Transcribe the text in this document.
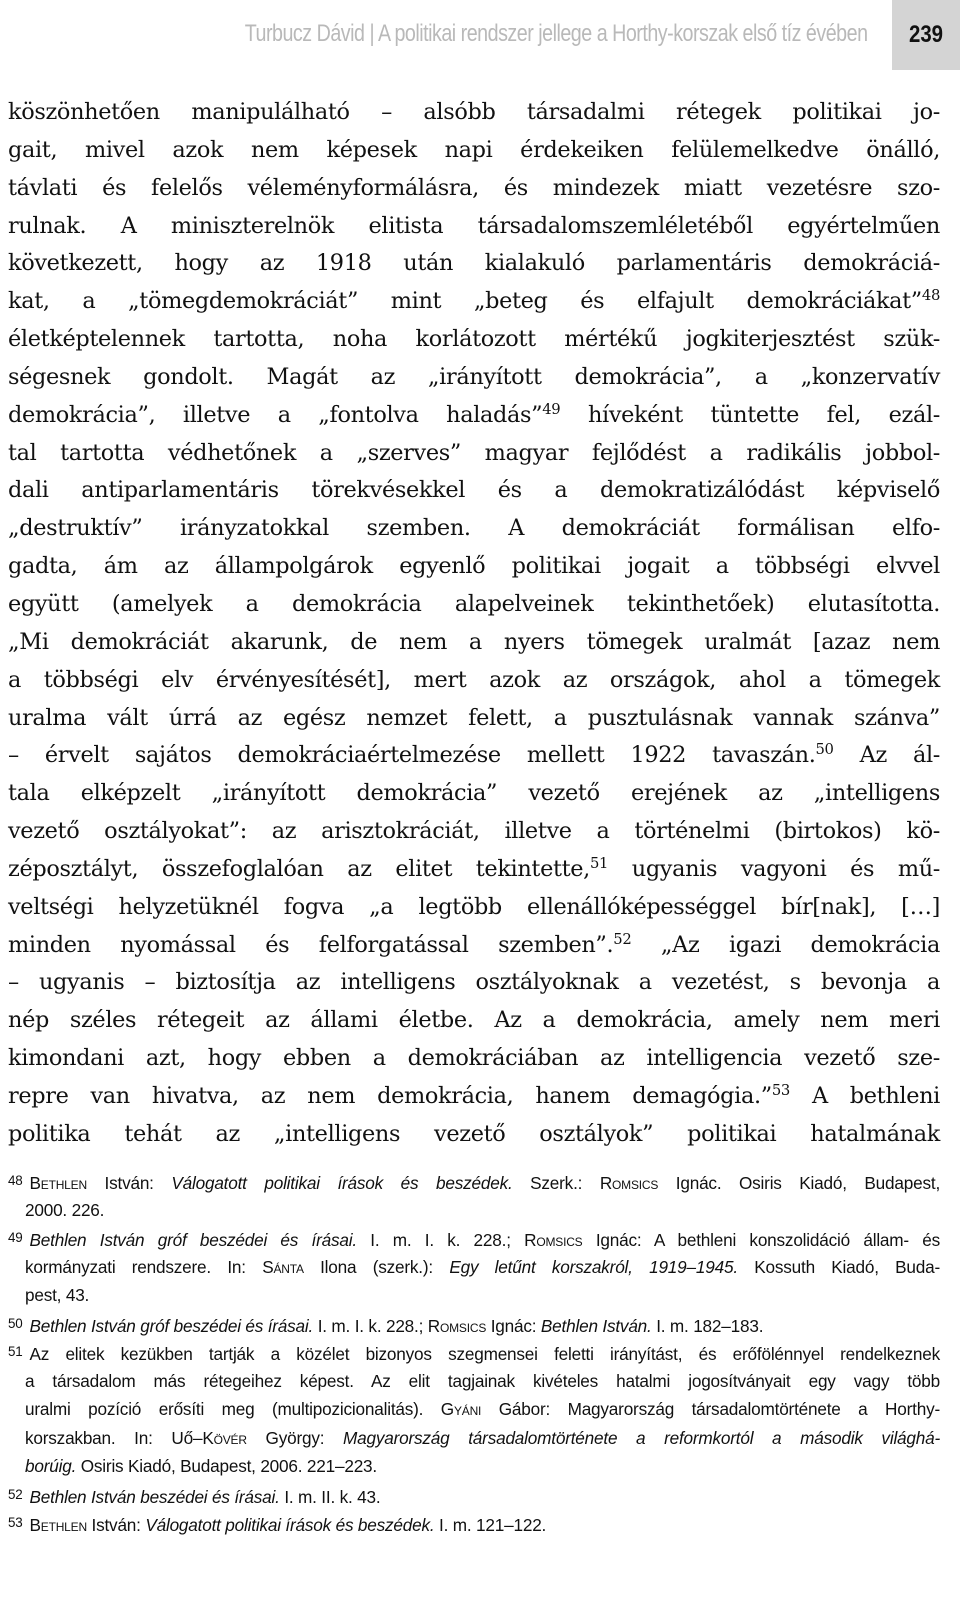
Turbucz Dávid | A politikai rendszer jellege a Horthy-korszak első tíz évében	239
köszönhetően manipulálható – alsóbb társadalmi rétegek politikai jo-
gait, mivel azok nem képesek napi érdekeiken felülemelkedve önálló,
távlati és felelős véleményformálásra, és mindezek miatt vezetésre szo-
rulnak. A miniszterelnök elitista társadalomszemléletéből egyértelműen
következett, hogy az 1918 után kialakuló parlamentáris demokráciá-
kat, a „tömegdemokráciát” mint „beteg és elfajult demokráciákat”$^{48}$
életképtelennek tartotta, noha korlátozott mértékű jogkiterjesztést szük-
ségesnek gondolt. Magát az „irányított demokrácia”, a „konzervatív
demokrácia”, illetve a „fontolva haladás”$^{49}$ híveként tüntette fel, ezál-
tal tartotta védhetőnek a „szerves” magyar fejlődést a radikális jobbol-
dali antiparlamentáris törekvésekkel és a demokratizálódást képviselő
„destruktív” irányzatokkal szemben. A demokráciát formálisan elfo-
gadta, ám az állampolgárok egyenlő politikai jogait a többségi elvvel
együtt (amelyek a demokrácia alapelveinek tekinthetőek) elutasította.
„Mi demokráciát akarunk, de nem a nyers tömegek uralmát [azaz nem
a többségi elv érvényesítését], mert azok az országok, ahol a tömegek
uralma vált úrrá az egész nemzet felett, a pusztulásnak vannak szánva”
– érvelt sajátos demokráciaértelmezése mellett 1922 tavaszán.$^{50}$ Az ál-
tala elképzelt „irányított demokrácia” vezető erejének az „intelligens
vezető osztályokat”: az arisztokráciát, illetve a történelmi (birtokos) kö-
zéposztályt, összefoglalóan az elitet tekintette,$^{51}$ ugyanis vagyoni és mű-
veltségi helyzetüknél fogva „a legtöbb ellenállóképességgel bír[nak], […]
minden nyomással és felforgatással szemben”.$^{52}$ „Az igazi demokrácia
– ugyanis – biztosítja az intelligens osztályoknak a vezetést, s bevonja a
nép széles rétegeit az állami életbe. Az a demokrácia, amely nem meri
kimondani azt, hogy ebben a demokráciában az intelligencia vezető sze-
repre van hivatva, az nem demokrácia, hanem demagógia.”$^{53}$ A bethleni
politika tehát az „intelligens vezető osztályok” politikai hatalmának
$^{48}$ Bethlen István: Válogatott politikai írások és beszédek. Szerk.: Romsics Ignác. Osiris Kiadó, Budapest,
2000. 226.
$^{49}$ Bethlen István gróf beszédei és írásai. I. m. I. k. 228.; Romsics Ignác: A bethleni konszolidáció állam- és
kormányzati rendszere. In: Sánta Ilona (szerk.): Egy letűnt korszakról, 1919–1945. Kossuth Kiadó, Buda-
pest, 43.
$^{50}$ Bethlen István gróf beszédei és írásai. I. m. I. k. 228.; Romsics Ignác: Bethlen István. I. m. 182–183.
$^{51}$ Az elitek kezükben tartják a közélet bizonyos szegmensei feletti irányítást, és erőfölénnyel rendelkeznek
a társadalom más rétegeihez képest. Az elit tagjainak kivételes hatalmi jogosítványait egy vagy több
uralmi pozíció erősíti meg (multipozicionalitás). Gyáni Gábor: Magyarország társadalomtörténete a Horthy-
korszakban. In: Uő–Kövér György: Magyarország társadalomtörténete a reformkortól a második világhá-
borúig. Osiris Kiadó, Budapest, 2006. 221–223.
$^{52}$ Bethlen István beszédei és írásai. I. m. II. k. 43.
$^{53}$ Bethlen István: Válogatott politikai írások és beszédek. I. m. 121–122.
